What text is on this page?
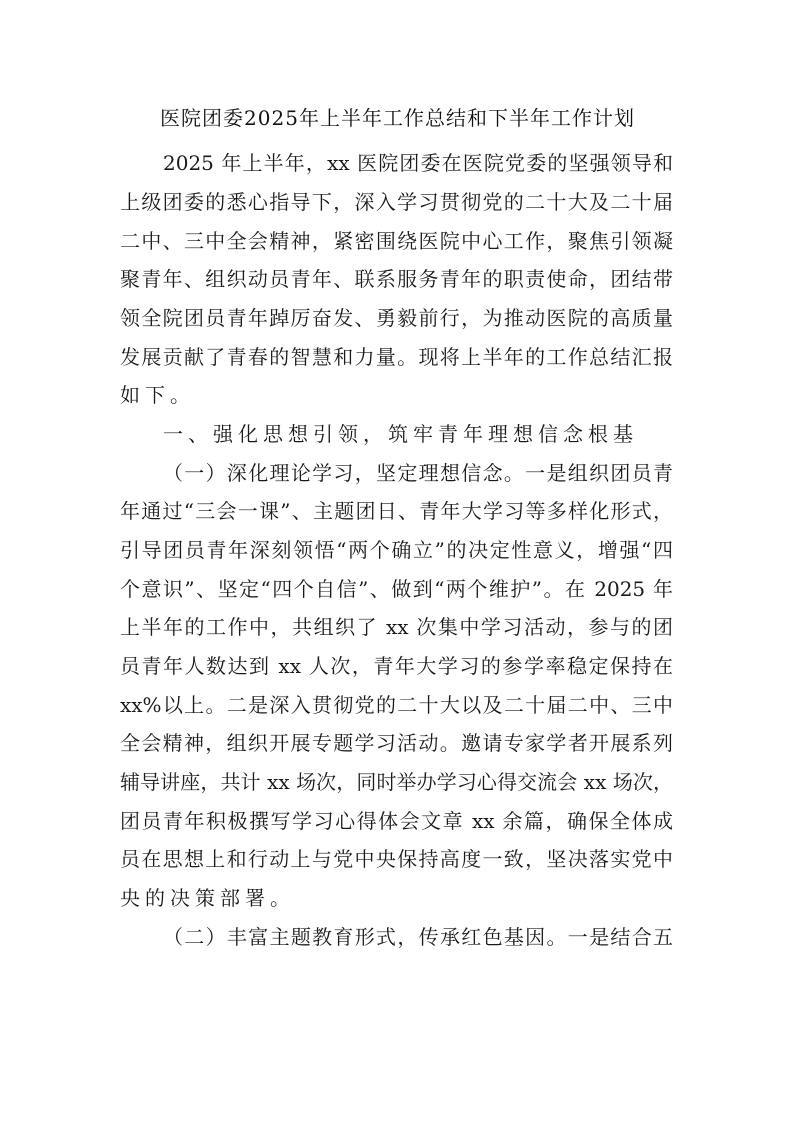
医院团委2025年上半年工作总结和下半年工作计划
2025 年上半年，xx 医院团委在医院党委的坚强领导和
上级团委的悉心指导下，深入学习贯彻党的二十大及二十届
二中、三中全会精神，紧密围绕医院中心工作，聚焦引领凝
聚青年、组织动员青年、联系服务青年的职责使命，团结带
领全院团员青年踔厉奋发、勇毅前行，为推动医院的高质量
发展贡献了青春的智慧和力量。现将上半年的工作总结汇报
如下。
一、强化思想引领，筑牢青年理想信念根基
（一）深化理论学习，坚定理想信念。一是组织团员青
年通过“三会一课”、主题团日、青年大学习等多样化形式，
引导团员青年深刻领悟“两个确立”的决定性意义，增强“四
个意识”、坚定“四个自信”、做到“两个维护”。在 2025 年
上半年的工作中，共组织了 xx 次集中学习活动，参与的团
员青年人数达到 xx 人次，青年大学习的参学率稳定保持在
xx%以上。二是深入贯彻党的二十大以及二十届二中、三中
全会精神，组织开展专题学习活动。邀请专家学者开展系列
辅导讲座，共计 xx 场次，同时举办学习心得交流会 xx 场次，
团员青年积极撰写学习心得体会文章 xx 余篇，确保全体成
员在思想上和行动上与党中央保持高度一致，坚决落实党中
央的决策部署。
（二）丰富主题教育形式，传承红色基因。一是结合五
